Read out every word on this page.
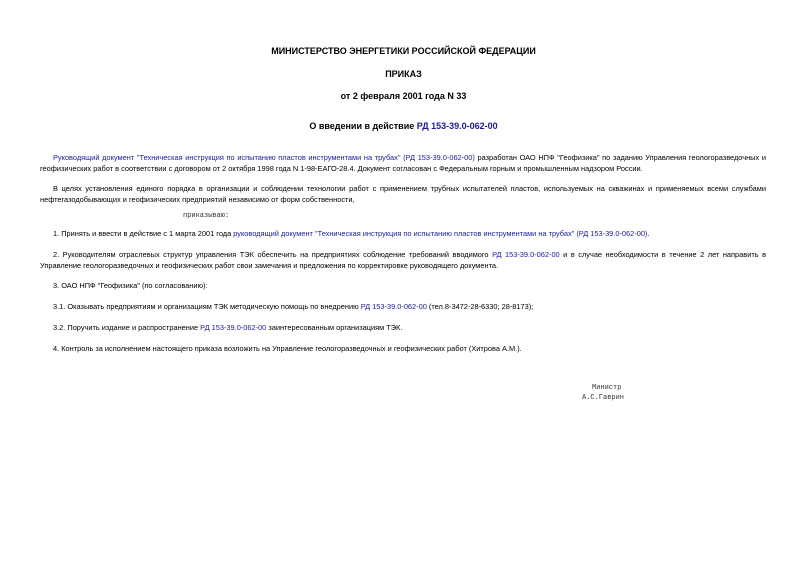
МИНИСТЕРСТВО ЭНЕРГЕТИКИ РОССИЙСКОЙ ФЕДЕРАЦИИ
ПРИКАЗ
от 2 февраля 2001 года N 33
О введении в действие РД 153-39.0-062-00
Руководящий документ "Техническая инструкция по испытанию пластов инструментами на трубах" (РД 153-39.0-062-00) разработан ОАО НПФ "Геофизика" по заданию Управления геологоразведочных и геофизических работ в соответствии с договором от 2 октября 1998 года N 1-98-ЕАГО-28.4. Документ согласован с Федеральным горным и промышленным надзором России.
В целях установления единого порядка в организации и соблюдении технологии работ с применением трубных испытателей пластов, используемых на скважинах и применяемых всеми службами нефтегазодобывающих и геофизических предприятий независимо от форм собственности,
приказываю:
1. Принять и ввести в действие с 1 марта 2001 года руководящий документ "Техническая инструкция по испытанию пластов инструментами на трубах" (РД 153-39.0-062-00).
2. Руководителям отраслевых структур управления ТЭК обеспечить на предприятиях соблюдение требований вводимого РД 153-39.0-062-00 и в случае необходимости в течение 2 лет направить в Управление геологоразведочных и геофизических работ свои замечания и предложения по корректировке руководящего документа.
3. ОАО НПФ "Геофизика" (по согласованию):
3.1. Оказывать предприятиям и организациям ТЭК методическую помощь по внедрению РД 153-39.0-062-00 (тел.8-3472-28-6330; 28-8173);
3.2. Поручить издание и распространение РД 153-39.0-062-00 заинтересованным организациям ТЭК.
4. Контроль за исполнением настоящего приказа возложить на Управление геологоразведочных и геофизических работ (Хитрова А.М.).
Министр
А.С.Гаврин
